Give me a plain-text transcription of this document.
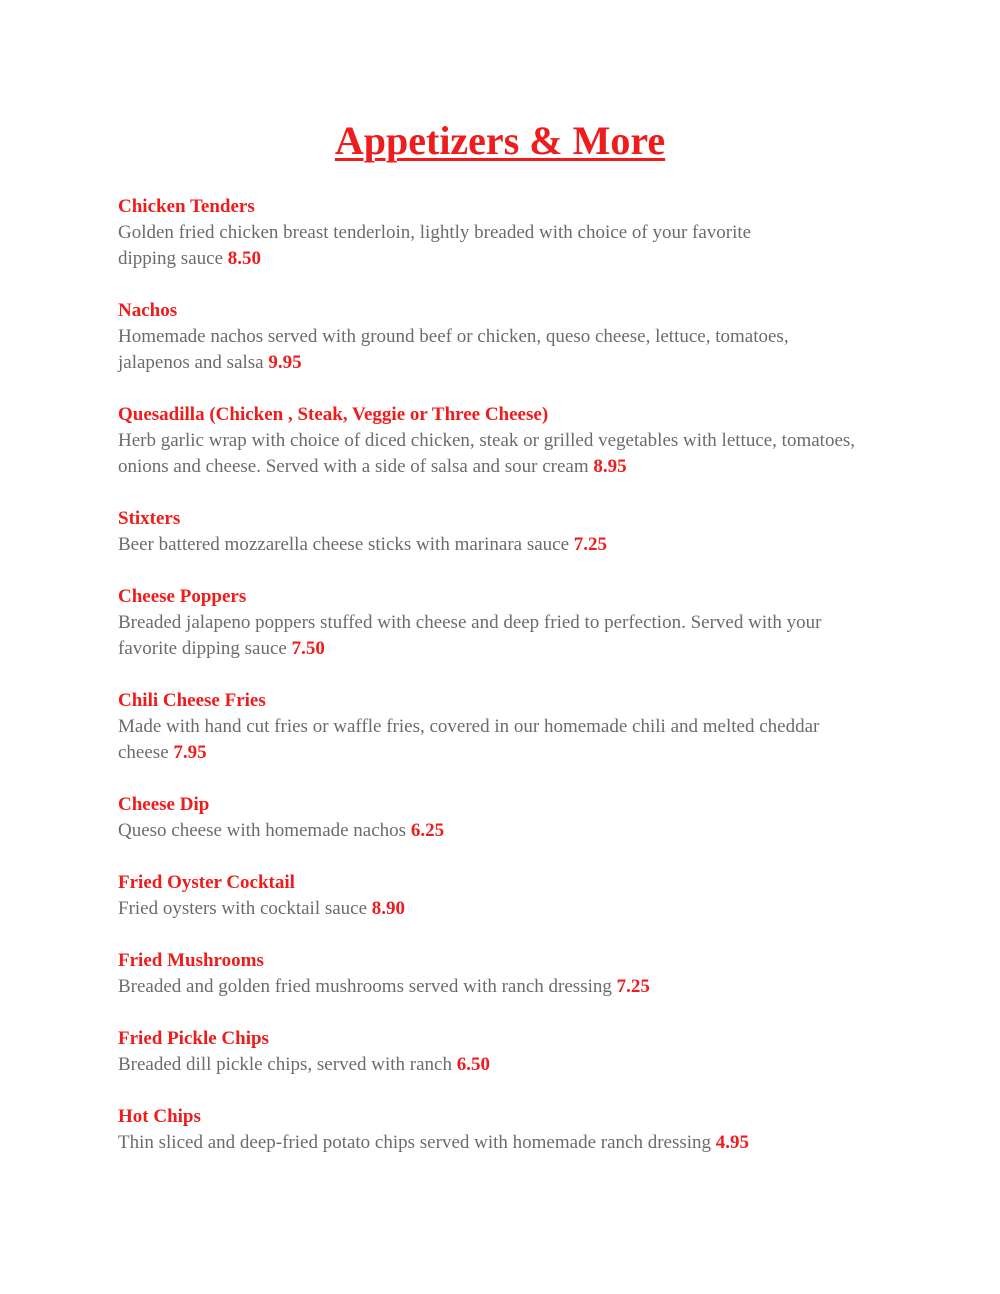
Appetizers & More
Chicken Tenders
Golden fried chicken breast tenderloin, lightly breaded with choice of your favorite
dipping sauce 8.50
Nachos
Homemade nachos served with ground beef or chicken, queso cheese, lettuce, tomatoes,
jalapenos and salsa 9.95
Quesadilla (Chicken , Steak, Veggie or Three Cheese)
Herb garlic wrap with choice of diced chicken, steak or grilled vegetables with lettuce, tomatoes,
onions and cheese. Served with a side of salsa and sour cream 8.95
Stixters
Beer battered mozzarella cheese sticks with marinara sauce 7.25
Cheese Poppers
Breaded jalapeno poppers stuffed with cheese and deep fried to perfection. Served with your
favorite dipping sauce 7.50
Chili Cheese Fries
Made with hand cut fries or waffle fries, covered in our homemade chili and melted cheddar
cheese 7.95
Cheese Dip
Queso cheese with homemade nachos 6.25
Fried Oyster Cocktail
Fried oysters with cocktail sauce 8.90
Fried Mushrooms
Breaded and golden fried mushrooms served with ranch dressing 7.25
Fried Pickle Chips
Breaded dill pickle chips, served with ranch 6.50
Hot Chips
Thin sliced and deep-fried potato chips served with homemade ranch dressing 4.95
